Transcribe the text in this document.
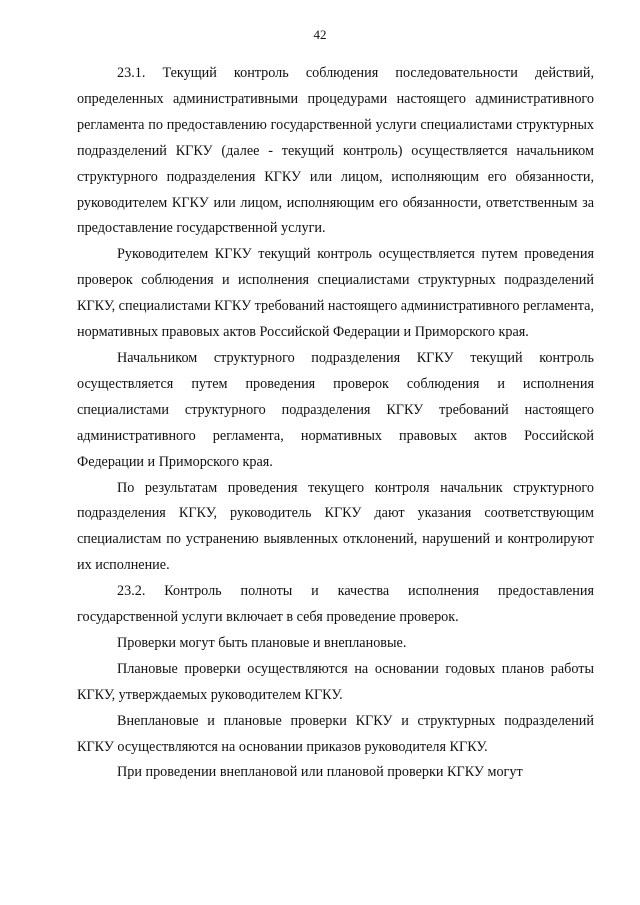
42

23.1. Текущий контроль соблюдения последовательности действий, определенных административными процедурами настоящего административного регламента по предоставлению государственной услуги специалистами структурных подразделений КГКУ (далее - текущий контроль) осуществляется начальником структурного подразделения КГКУ или лицом, исполняющим его обязанности, руководителем КГКУ или лицом, исполняющим его обязанности, ответственным за предоставление государственной услуги.

Руководителем КГКУ текущий контроль осуществляется путем проведения проверок соблюдения и исполнения специалистами структурных подразделений КГКУ, специалистами КГКУ требований настоящего административного регламента, нормативных правовых актов Российской Федерации и Приморского края.

Начальником структурного подразделения КГКУ текущий контроль осуществляется путем проведения проверок соблюдения и исполнения специалистами структурного подразделения КГКУ требований настоящего административного регламента, нормативных правовых актов Российской Федерации и Приморского края.

По результатам проведения текущего контроля начальник структурного подразделения КГКУ, руководитель КГКУ дают указания соответствующим специалистам по устранению выявленных отклонений, нарушений и контролируют их исполнение.

23.2. Контроль полноты и качества исполнения предоставления государственной услуги включает в себя проведение проверок.

Проверки могут быть плановые и внеплановые.

Плановые проверки осуществляются на основании годовых планов работы КГКУ, утверждаемых руководителем КГКУ.

Внеплановые и плановые проверки КГКУ и структурных подразделений КГКУ осуществляются на основании приказов руководителя КГКУ.

При проведении внеплановой или плановой проверки КГКУ могут
